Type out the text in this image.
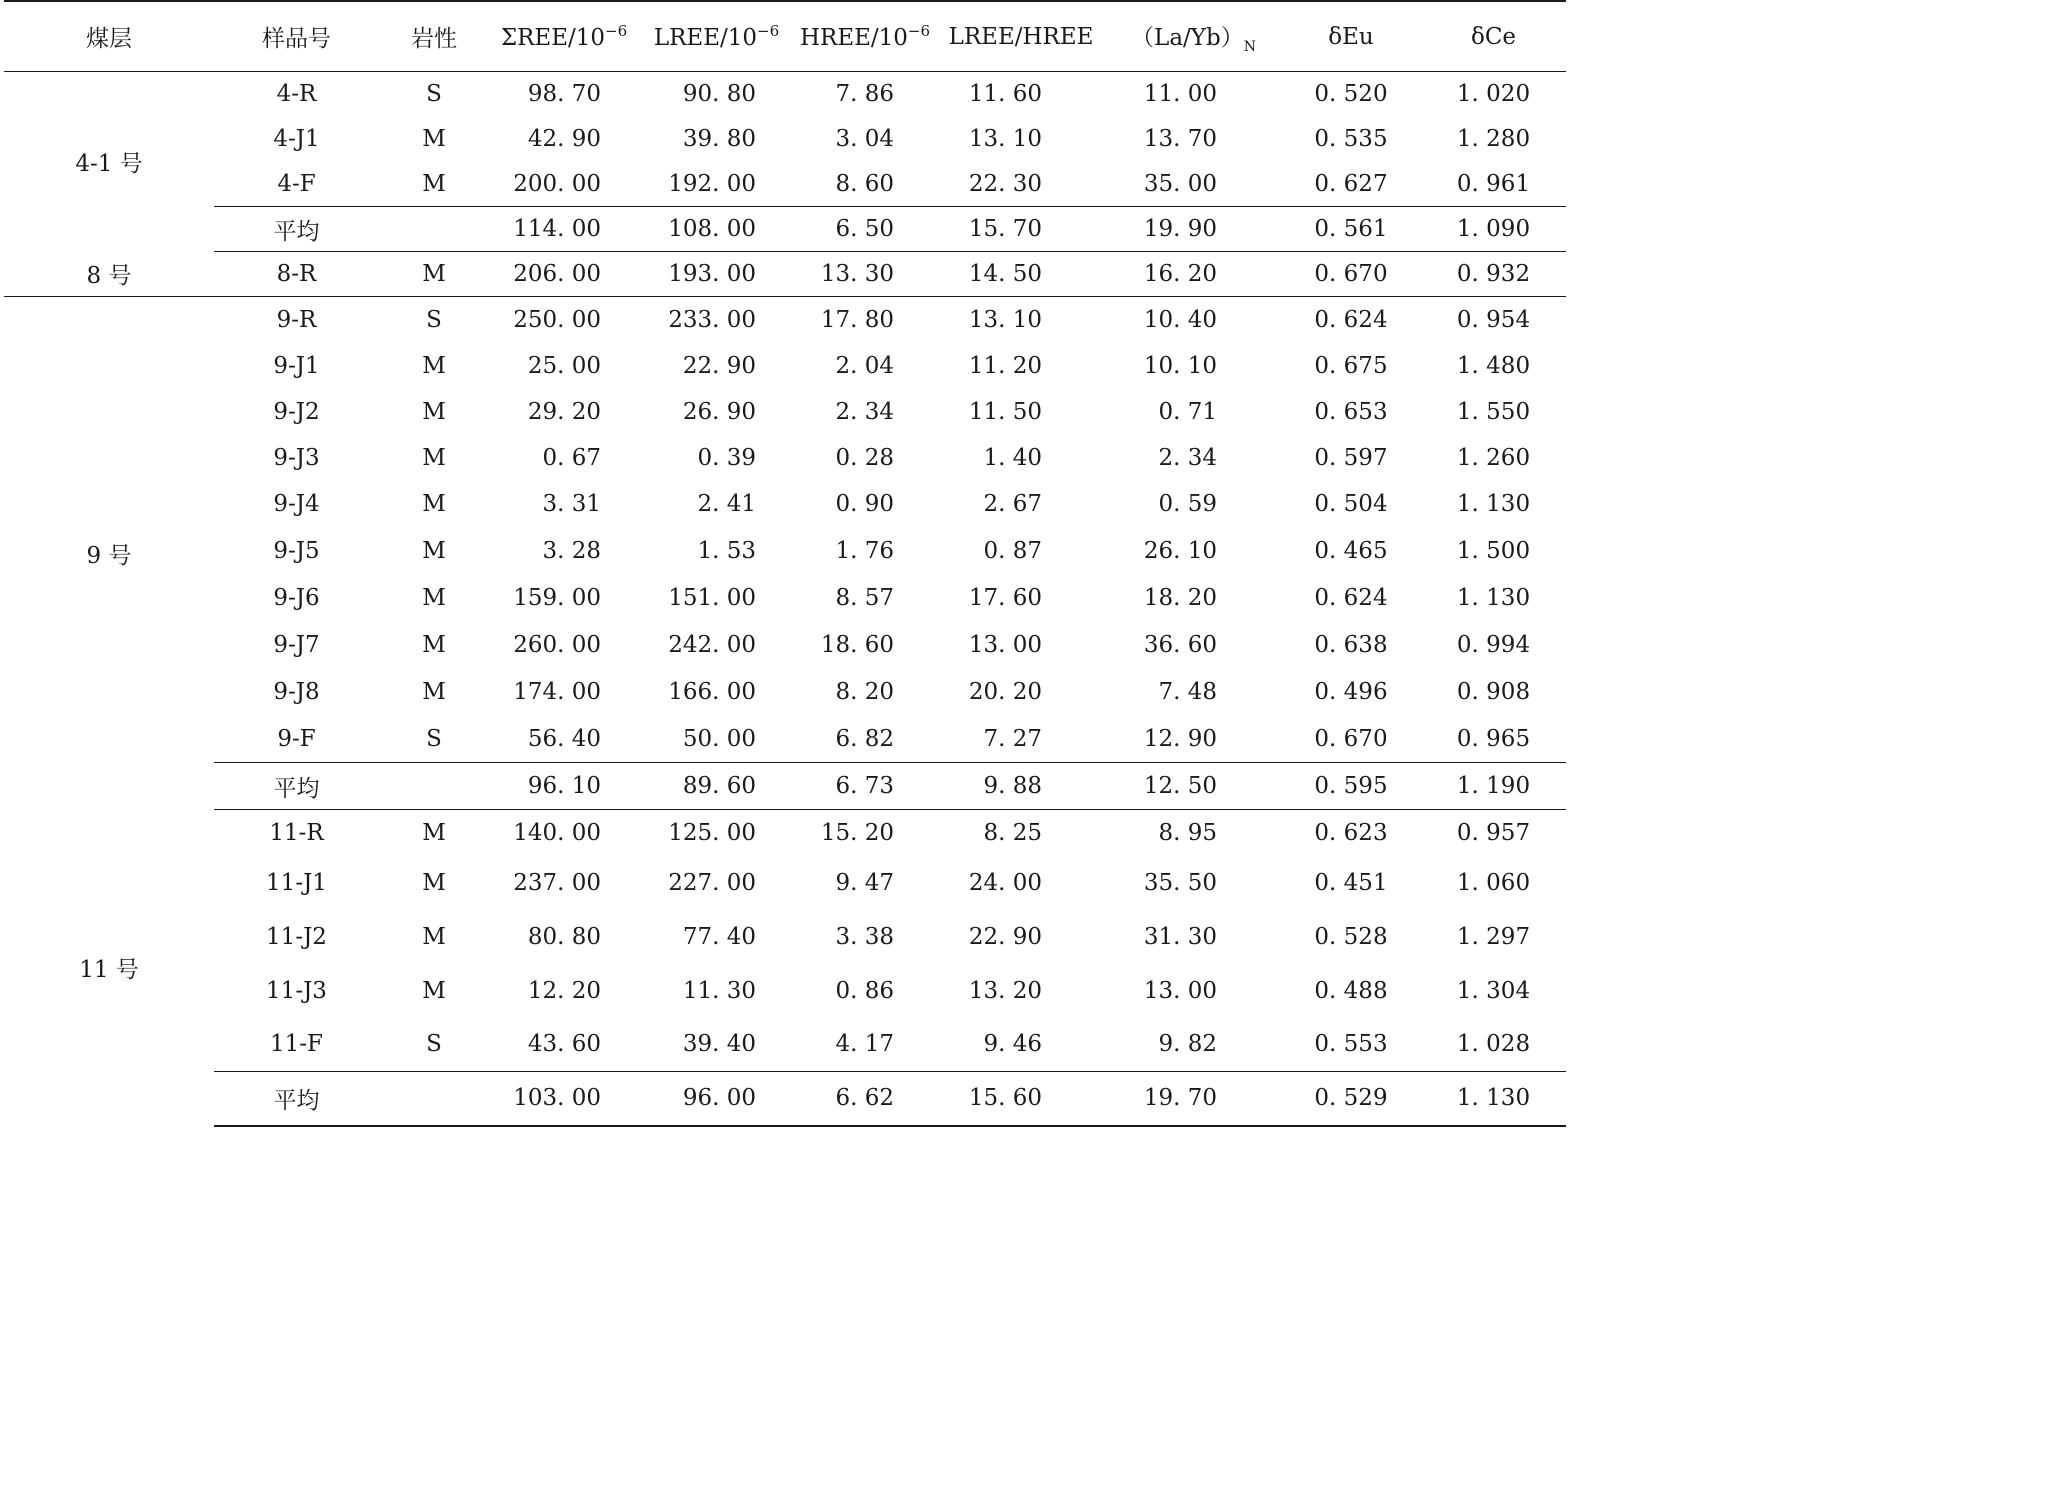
煤层	样品号	岩性	ΣREE/$10^{-6}$	LREE/$10^{-6}$	HREE/$10^{-6}$	LREE/HREE	$(La/Yb)_N$	δEu	δCe
4-1 号	4-R	S	98. 70	90. 80	7. 86	11. 60	11. 00	0. 520	1. 020
	4-J1	M	42. 90	39. 80	3. 04	13. 10	13. 70	0. 535	1. 280
	4-F	M	200. 00	192. 00	8. 60	22. 30	35. 00	0. 627	0. 961
	平均		114. 00	108. 00	6. 50	15. 70	19. 90	0. 561	1. 090
8 号	8-R	M	206. 00	193. 00	13. 30	14. 50	16. 20	0. 670	0. 932
9 号	9-R	S	250. 00	233. 00	17. 80	13. 10	10. 40	0. 624	0. 954
	9-J1	M	25. 00	22. 90	2. 04	11. 20	10. 10	0. 675	1. 480
	9-J2	M	29. 20	26. 90	2. 34	11. 50	0. 71	0. 653	1. 550
	9-J3	M	0. 67	0. 39	0. 28	1. 40	2. 34	0. 597	1. 260
	9-J4	M	3. 31	2. 41	0. 90	2. 67	0. 59	0. 504	1. 130
	9-J5	M	3. 28	1. 53	1. 76	0. 87	26. 10	0. 465	1. 500
	9-J6	M	159. 00	151. 00	8. 57	17. 60	18. 20	0. 624	1. 130
	9-J7	M	260. 00	242. 00	18. 60	13. 00	36. 60	0. 638	0. 994
	9-J8	M	174. 00	166. 00	8. 20	20. 20	7. 48	0. 496	0. 908
	9-F	S	56. 40	50. 00	6. 82	7. 27	12. 90	0. 670	0. 965
	平均		96. 10	89. 60	6. 73	9. 88	12. 50	0. 595	1. 190
11 号	11-R	M	140. 00	125. 00	15. 20	8. 25	8. 95	0. 623	0. 957
	11-J1	M	237. 00	227. 00	9. 47	24. 00	35. 50	0. 451	1. 060
	11-J2	M	80. 80	77. 40	3. 38	22. 90	31. 30	0. 528	1. 297
	11-J3	M	12. 20	11. 30	0. 86	13. 20	13. 00	0. 488	1. 304
	11-F	S	43. 60	39. 40	4. 17	9. 46	9. 82	0. 553	1. 028
	平均		103. 00	96. 00	6. 62	15. 60	19. 70	0. 529	1. 130
